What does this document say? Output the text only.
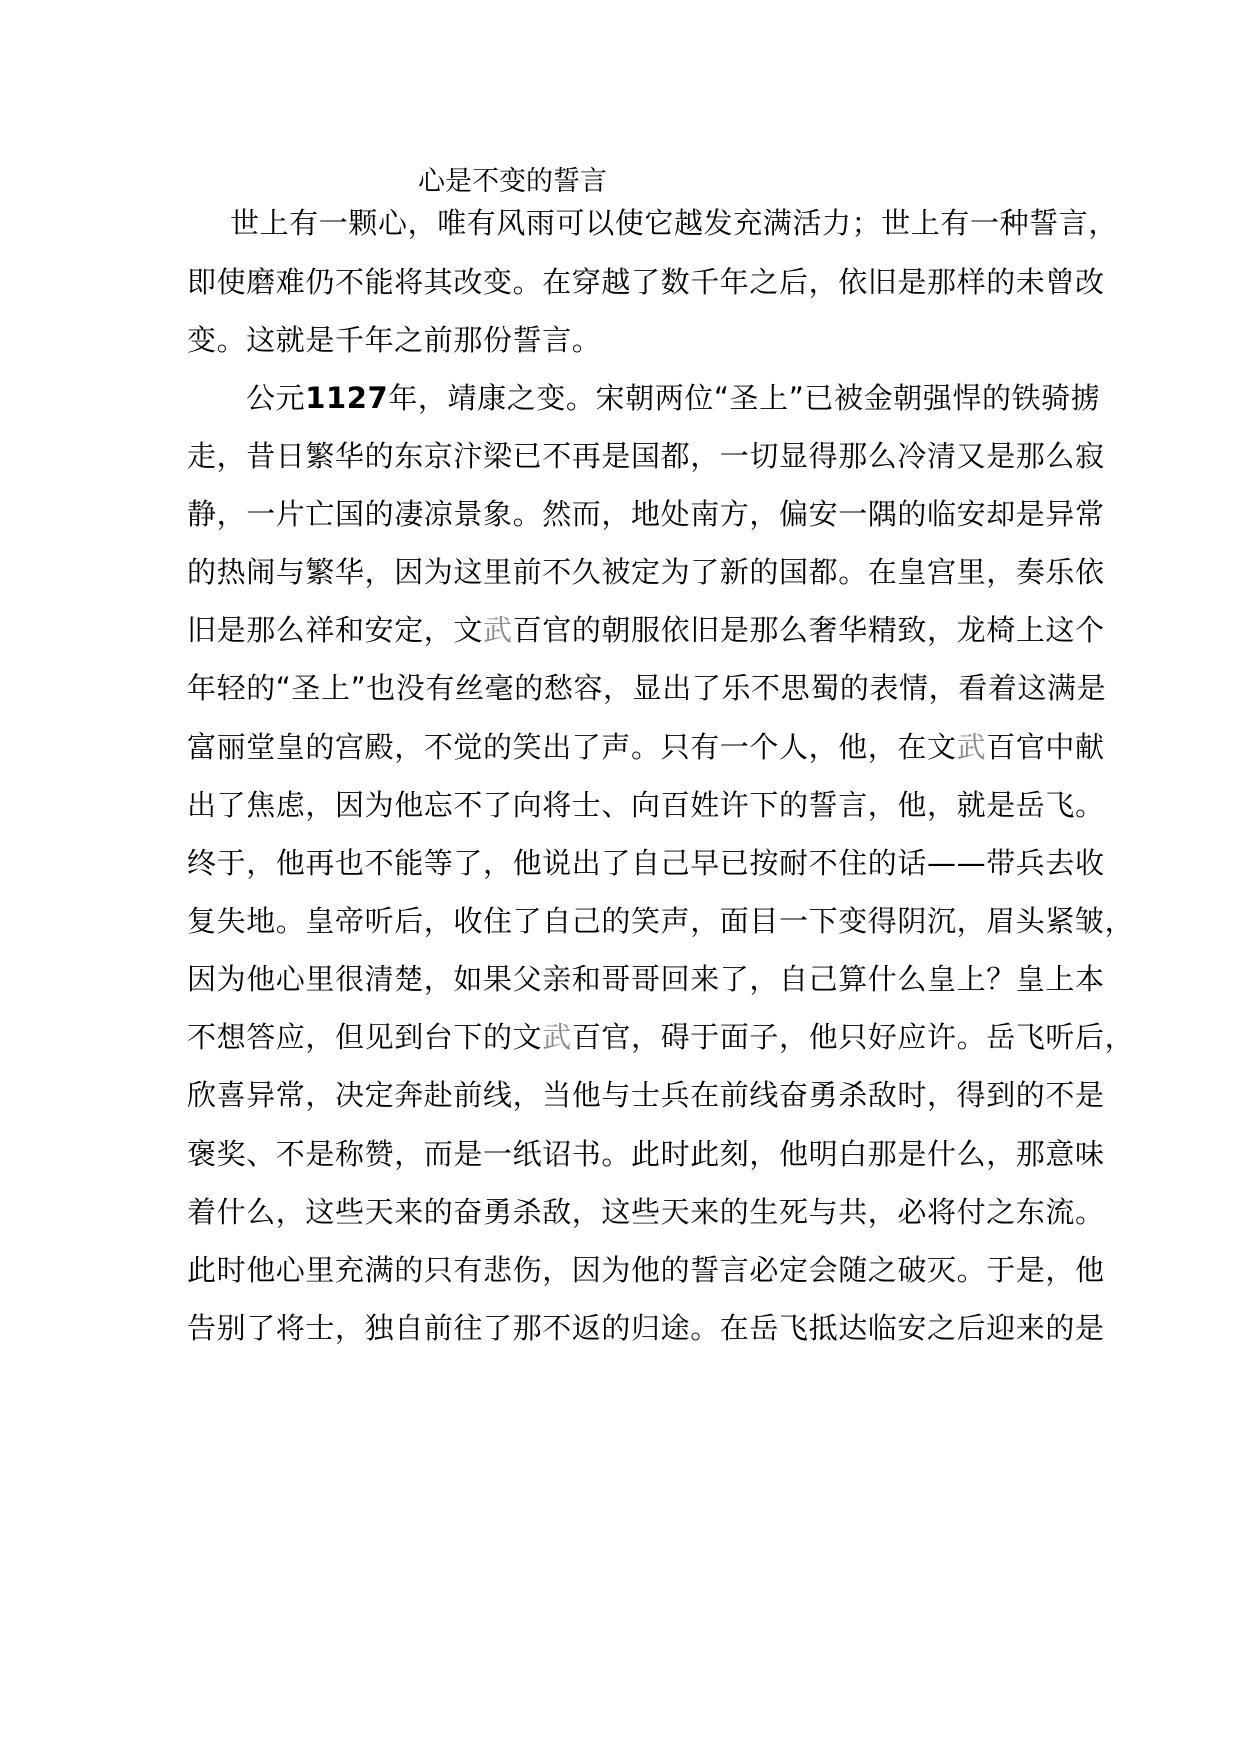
心是不变的誓言
世上有一颗心，唯有风雨可以使它越发充满活力；世上有一种誓言，
即使磨难仍不能将其改变。在穿越了数千年之后，依旧是那样的未曾改
变。这就是千年之前那份誓言。
公元1127年，靖康之变。宋朝两位“圣上”已被金朝强悍的铁骑掳
走，昔日繁华的东京汴梁已不再是国都，一切显得那么冷清又是那么寂
静，一片亡国的凄凉景象。然而，地处南方，偏安一隅的临安却是异常
的热闹与繁华，因为这里前不久被定为了新的国都。在皇宫里，奏乐依
旧是那么祥和安定，文武百官的朝服依旧是那么奢华精致，龙椅上这个
年轻的“圣上”也没有丝毫的愁容，显出了乐不思蜀的表情，看着这满是
富丽堂皇的宫殿，不觉的笑出了声。只有一个人，他，在文武百官中献
出了焦虑，因为他忘不了向将士、向百姓许下的誓言，他，就是岳飞。
终于，他再也不能等了，他说出了自己早已按耐不住的话——带兵去收
复失地。皇帝听后，收住了自己的笑声，面目一下变得阴沉，眉头紧皱，
因为他心里很清楚，如果父亲和哥哥回来了，自己算什么皇上？皇上本
不想答应，但见到台下的文武百官，碍于面子，他只好应许。岳飞听后，
欣喜异常，决定奔赴前线，当他与士兵在前线奋勇杀敌时，得到的不是
褒奖、不是称赞，而是一纸诏书。此时此刻，他明白那是什么，那意味
着什么，这些天来的奋勇杀敌，这些天来的生死与共，必将付之东流。
此时他心里充满的只有悲伤，因为他的誓言必定会随之破灭。于是，他
告别了将士，独自前往了那不返的归途。在岳飞抵达临安之后迎来的是
